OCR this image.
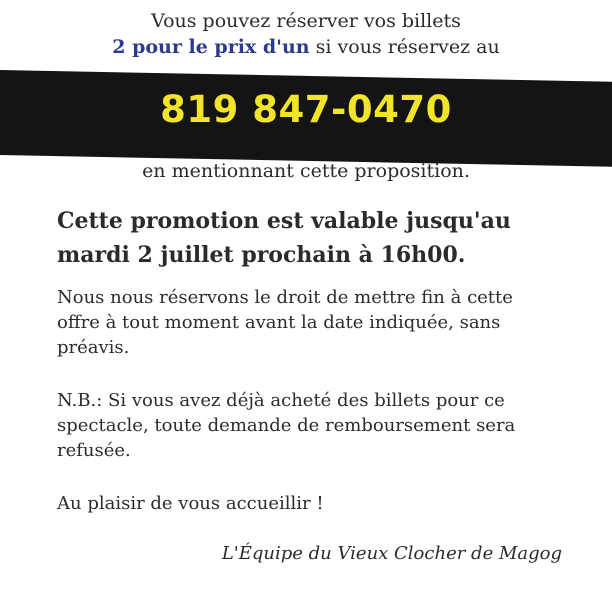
Vous pouvez réserver vos billets
2 pour le prix d'un si vous réservez au
819 847-0470
en mentionnant cette proposition.
Cette promotion est valable jusqu'au
mardi 2 juillet prochain à 16h00.
Nous nous réservons le droit de mettre fin à cette
offre à tout moment avant la date indiquée, sans
préavis.
N.B.: Si vous avez déjà acheté des billets pour ce
spectacle, toute demande de remboursement sera
refusée.
Au plaisir de vous accueillir !
L'Équipe du Vieux Clocher de Magog
